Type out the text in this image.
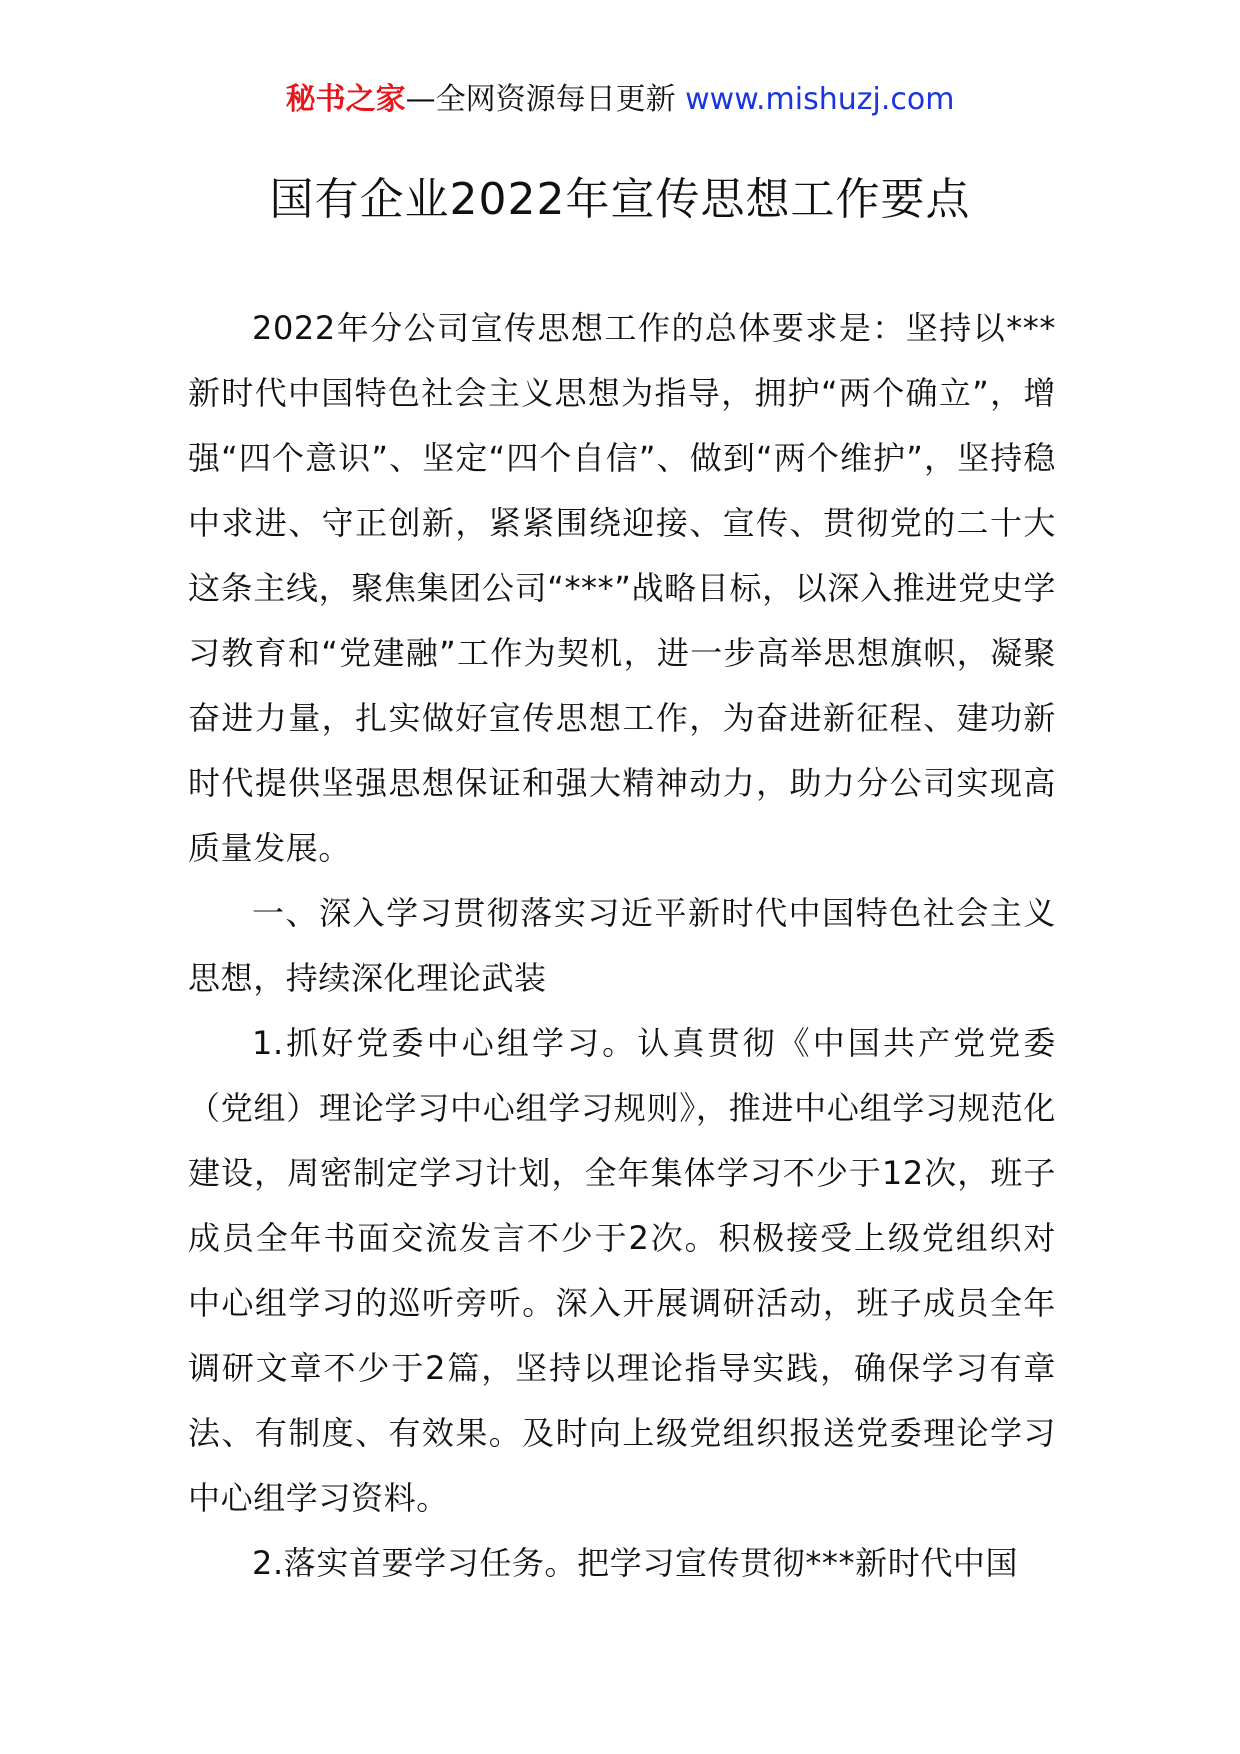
秘书之家—全网资源每日更新 www.mishuzj.com
国有企业2022年宣传思想工作要点

2022年分公司宣传思想工作的总体要求是：坚持以***新时代中国特色社会主义思想为指导，拥护“两个确立”，增强“四个意识”、坚定“四个自信”、做到“两个维护”，坚持稳中求进、守正创新，紧紧围绕迎接、宣传、贯彻党的二十大这条主线，聚焦集团公司“***”战略目标，以深入推进党史学习教育和“党建融”工作为契机，进一步高举思想旗帜，凝聚奋进力量，扎实做好宣传思想工作，为奋进新征程、建功新时代提供坚强思想保证和强大精神动力，助力分公司实现高质量发展。

一、深入学习贯彻落实习近平新时代中国特色社会主义思想，持续深化理论武装

1.抓好党委中心组学习。认真贯彻《中国共产党党委（党组）理论学习中心组学习规则》，推进中心组学习规范化建设，周密制定学习计划，全年集体学习不少于12次，班子成员全年书面交流发言不少于2次。积极接受上级党组织对中心组学习的巡听旁听。深入开展调研活动，班子成员全年调研文章不少于2篇，坚持以理论指导实践，确保学习有章法、有制度、有效果。及时向上级党组织报送党委理论学习中心组学习资料。

2.落实首要学习任务。把学习宣传贯彻***新时代中国
